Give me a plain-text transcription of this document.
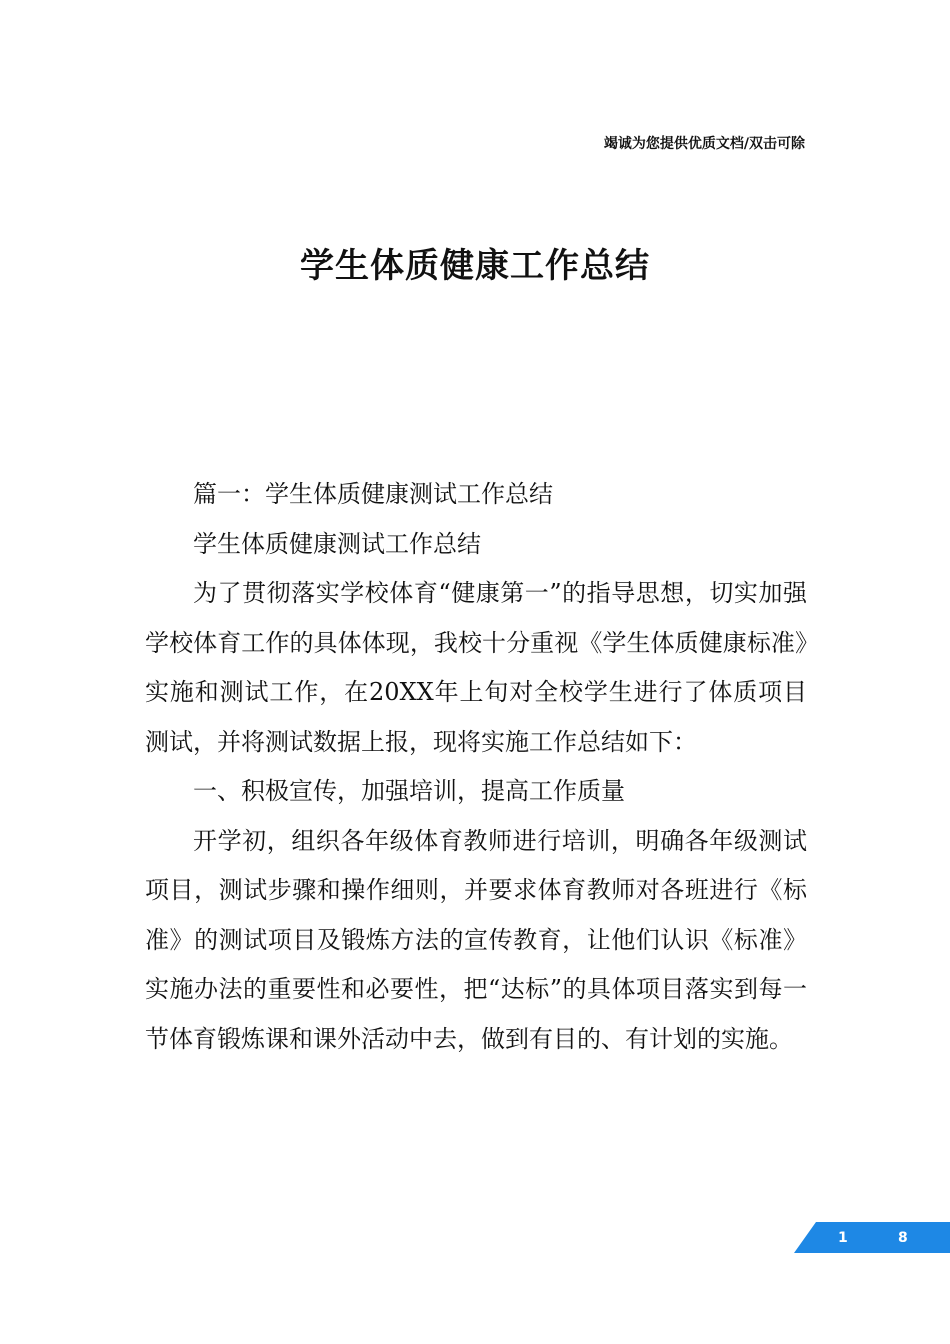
竭诚为您提供优质文档/双击可除
学生体质健康工作总结

篇一：学生体质健康测试工作总结

学生体质健康测试工作总结

为了贯彻落实学校体育“健康第一”的指导思想，切实加强学校体育工作的具体体现，我校十分重视《学生体质健康标准》实施和测试工作，在20XX年上旬对全校学生进行了体质项目测试，并将测试数据上报，现将实施工作总结如下：

一、积极宣传，加强培训，提高工作质量

开学初，组织各年级体育教师进行培训，明确各年级测试项目，测试步骤和操作细则，并要求体育教师对各班进行《标准》的测试项目及锻炼方法的宣传教育，让他们认识《标准》实施办法的重要性和必要性，把“达标”的具体项目落实到每一节体育锻炼课和课外活动中去，做到有目的、有计划的实施。

1	8
